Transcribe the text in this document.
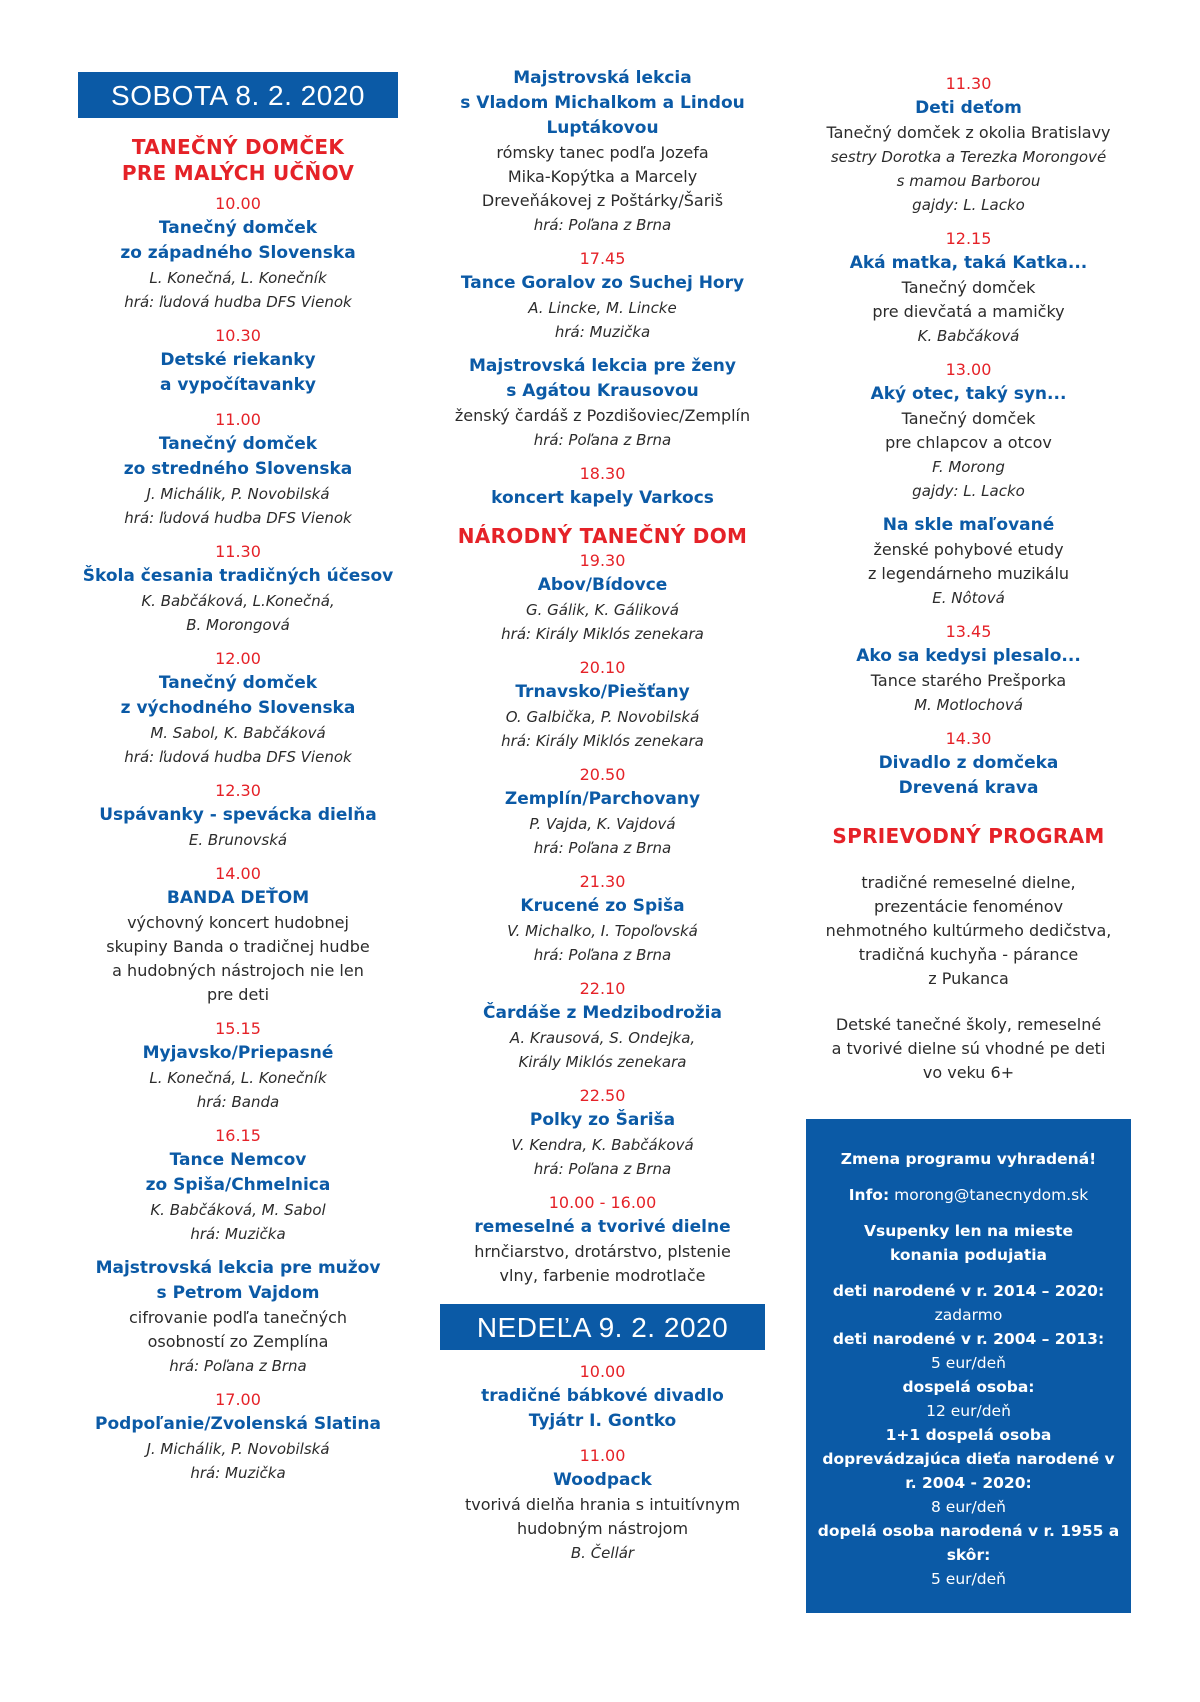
SOBOTA 8. 2. 2020
TANEČNÝ DOMČEK
PRE MALÝCH UČŇOV
10.00
Tanečný domček
zo západného Slovenska
L. Konečná, L. Konečník
hrá: ľudová hudba DFS Vienok
10.30
Detské riekanky
a vypočítavanky
11.00
Tanečný domček
zo stredného Slovenska
J. Michálik, P. Novobilská
hrá: ľudová hudba DFS Vienok
11.30
Škola česania tradičných účesov
K. Babčáková, L.Konečná,
B. Morongová
12.00
Tanečný domček
z východného Slovenska
M. Sabol, K. Babčáková
hrá: ľudová hudba DFS Vienok
12.30
Uspávanky - spevácka dielňa
E. Brunovská
14.00
BANDA DEŤOM
výchovný koncert hudobnej
skupiny Banda o tradičnej hudbe
a hudobných nástrojoch nie len
pre deti
15.15
Myjavsko/Priepasné
L. Konečná, L. Konečník
hrá: Banda
16.15
Tance Nemcov
zo Spiša/Chmelnica
K. Babčáková, M. Sabol
hrá: Muzička
Majstrovská lekcia pre mužov
s Petrom Vajdom
cifrovanie podľa tanečných
osobností zo Zemplína
hrá: Poľana z Brna
17.00
Podpoľanie/Zvolenská Slatina
J. Michálik, P. Novobilská
hrá: Muzička
Majstrovská lekcia
s Vladom Michalkom a Lindou
Luptákovou
rómsky tanec podľa Jozefa
Mika-Kopýtka a Marcely
Dreveňákovej z Poštárky/Šariš
hrá: Poľana z Brna
17.45
Tance Goralov zo Suchej Hory
A. Lincke, M. Lincke
hrá: Muzička
Majstrovská lekcia pre ženy
s Agátou Krausovou
ženský čardáš z Pozdišoviec/Zemplín
hrá: Poľana z Brna
18.30
koncert kapely Varkocs
NÁRODNÝ TANEČNÝ DOM
19.30
Abov/Bídovce
G. Gálik, K. Gáliková
hrá: Király Miklós zenekara
20.10
Trnavsko/Piešťany
O. Galbička, P. Novobilská
hrá: Király Miklós zenekara
20.50
Zemplín/Parchovany
P. Vajda, K. Vajdová
hrá: Poľana z Brna
21.30
Krucené zo Spiša
V. Michalko, I. Topoľovská
hrá: Poľana z Brna
22.10
Čardáše z Medzibodrožia
A. Krausová, S. Ondejka,
Király Miklós zenekara
22.50
Polky zo Šariša
V. Kendra, K. Babčáková
hrá: Poľana z Brna
10.00 - 16.00
remeselné a tvorivé dielne
hrnčiarstvo, drotárstvo, plstenie
vlny, farbenie modrotlače
NEDEĽA 9. 2. 2020
10.00
tradičné bábkové divadlo
Tyjátr I. Gontko
11.00
Woodpack
tvorivá dielňa hrania s intuitívnym
hudobným nástrojom
B. Čellár
11.30
Deti deťom
Tanečný domček z okolia Bratislavy
sestry Dorotka a Terezka Morongové
s mamou Barborou
gajdy: L. Lacko
12.15
Aká matka, taká Katka...
Tanečný domček
pre dievčatá a mamičky
K. Babčáková
13.00
Aký otec, taký syn...
Tanečný domček
pre chlapcov a otcov
F. Morong
gajdy: L. Lacko
Na skle maľované
ženské pohybové etudy
z legendárneho muzikálu
E. Nôtová
13.45
Ako sa kedysi plesalo...
Tance starého Prešporka
M. Motlochová
14.30
Divadlo z domčeka
Drevená krava
SPRIEVODNÝ PROGRAM

tradičné remeselné dielne,
prezentácie fenoménov
nehmotného kultúrmeho dedičstva,
tradičná kuchyňa - párance
z Pukanca

Detské tanečné školy, remeselné
a tvorivé dielne sú vhodné pe deti
vo veku 6+

Zmena programu vyhradená!
Info: morong@tanecnydom.sk
Vsupenky len na mieste
konania podujatia
deti narodené v r. 2014 – 2020:
zadarmo
deti narodené v r. 2004 – 2013:
5 eur/deň
dospelá osoba:
12 eur/deň
1+1 dospelá osoba doprevádzajúca dieťa narodené v r. 2004 - 2020:
8 eur/deň
dopelá osoba narodená v r. 1955 a skôr:
5 eur/deň
